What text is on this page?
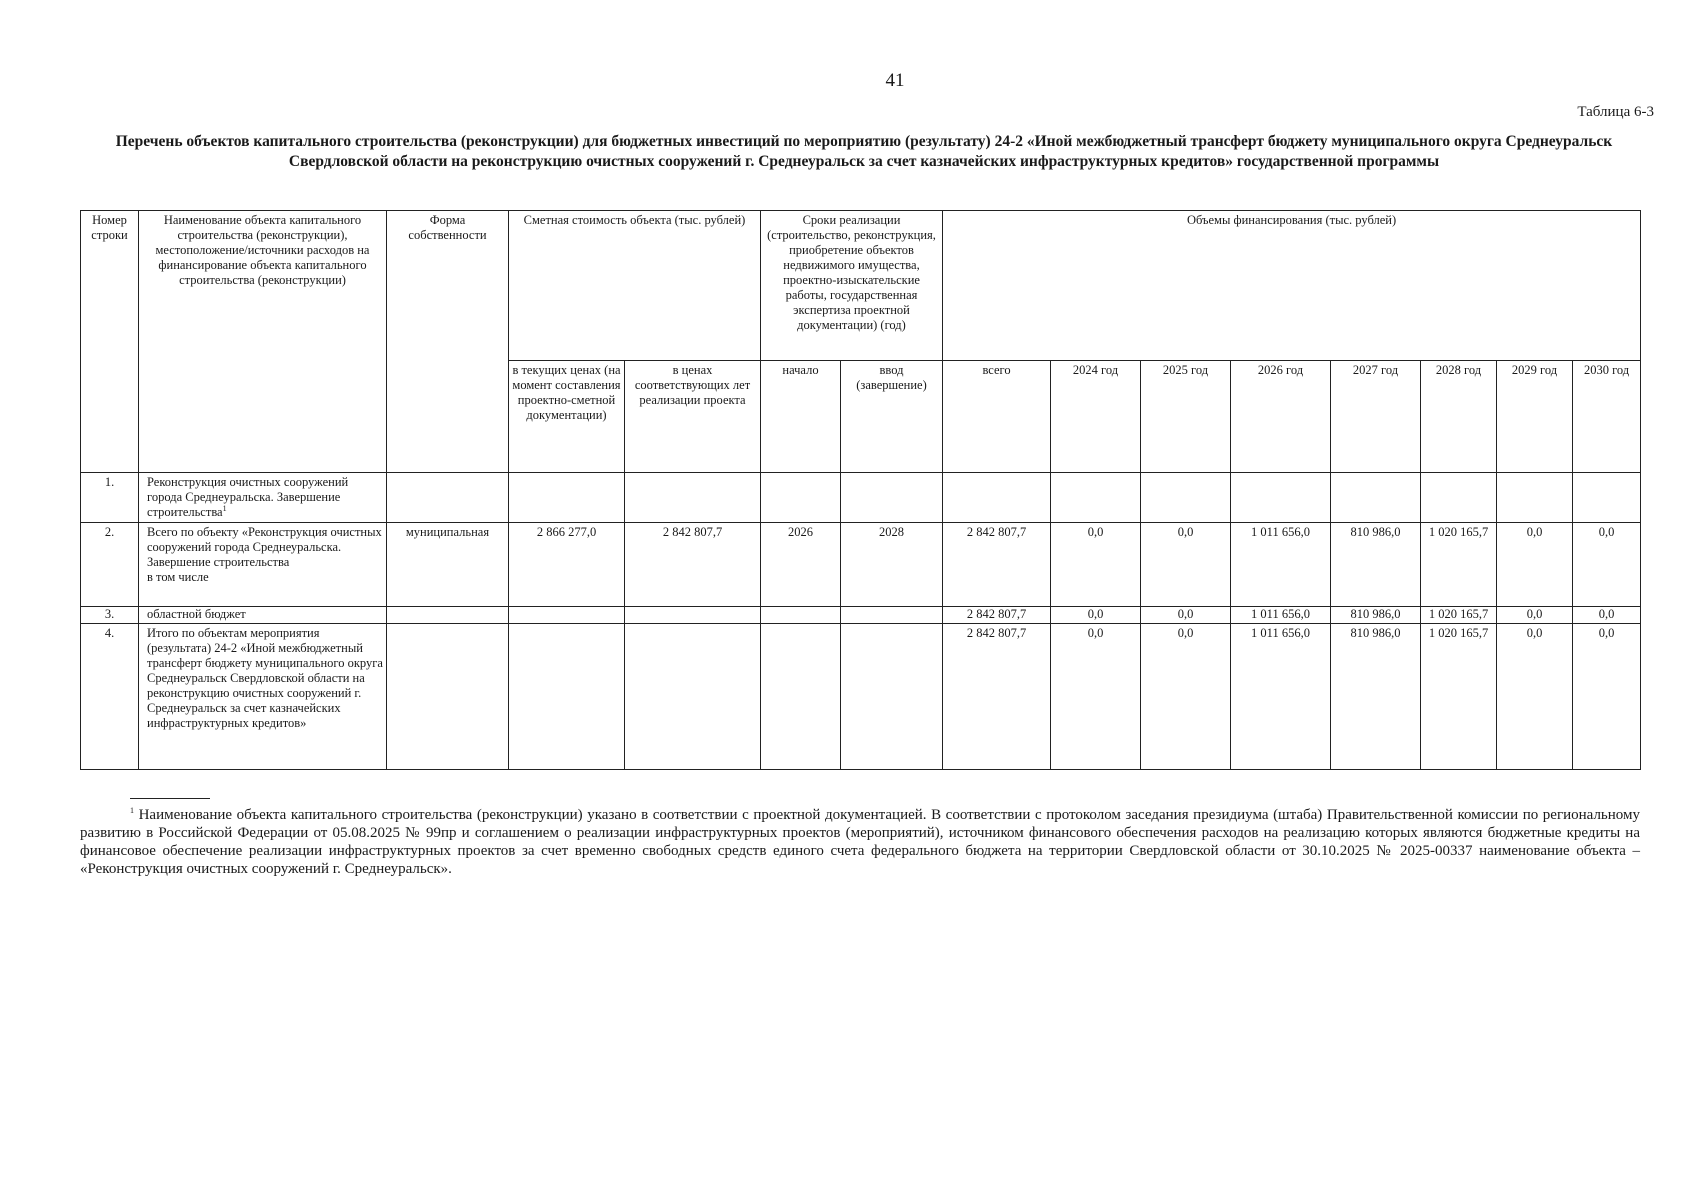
41
Таблица 6-3
Перечень объектов капитального строительства (реконструкции) для бюджетных инвестиций по мероприятию (результату) 24-2 «Иной межбюджетный трансферт бюджету муниципального округа Среднеуральск Свердловской области на реконструкцию очистных сооружений г. Среднеуральск за счет казначейских инфраструктурных кредитов» государственной программы
Номер строки	Наименование объекта капитального строительства (реконструкции), местоположение/источники расходов на финансирование объекта капитального строительства (реконструкции)	Форма собственности	Сметная стоимость объекта (тыс. рублей)		Сроки реализации (строительство, реконструкция, приобретение объектов недвижимого имущества, проектно-изыскательские работы, государственная экспертиза проектной документации) (год)		Объемы финансирования (тыс. рублей)							
			в текущих ценах (на момент составления проектно-сметной документации)	в ценах соответствующих лет реализации проекта	начало	ввод (завершение)	всего	2024 год	2025 год	2026 год	2027 год	2028 год	2029 год	2030 год
1.	Реконструкция очистных сооружений города Среднеуральска. Завершение строительства$^1$													
2.	Всего по объекту «Реконструкция очистных сооружений города Среднеуральска. Завершение строительства
в том числе	муниципальная	2 866 277,0	2 842 807,7	2026	2028	2 842 807,7	0,0	0,0	1 011 656,0	810 986,0	1 020 165,7	0,0	0,0
3.	областной бюджет						2 842 807,7	0,0	0,0	1 011 656,0	810 986,0	1 020 165,7	0,0	0,0
4.	Итого по объектам мероприятия (результата) 24-2 «Иной межбюджетный трансферт бюджету муниципального округа Среднеуральск Свердловской области на реконструкцию очистных сооружений г. Среднеуральск за счет казначейских инфраструктурных кредитов»						2 842 807,7	0,0	0,0	1 011 656,0	810 986,0	1 020 165,7	0,0	0,0
$^1$ Наименование объекта капитального строительства (реконструкции) указано в соответствии с проектной документацией. В соответствии с протоколом заседания президиума (штаба) Правительственной комиссии по региональному развитию в Российской Федерации от 05.08.2025 № 99пр и соглашением о реализации инфраструктурных проектов (мероприятий), источником финансового обеспечения расходов на реализацию которых являются бюджетные кредиты на финансовое обеспечение реализации инфраструктурных проектов за счет временно свободных средств единого счета федерального бюджета на территории Свердловской области от 30.10.2025 № 2025-00337 наименование объекта – «Реконструкция очистных сооружений г. Среднеуральск».
